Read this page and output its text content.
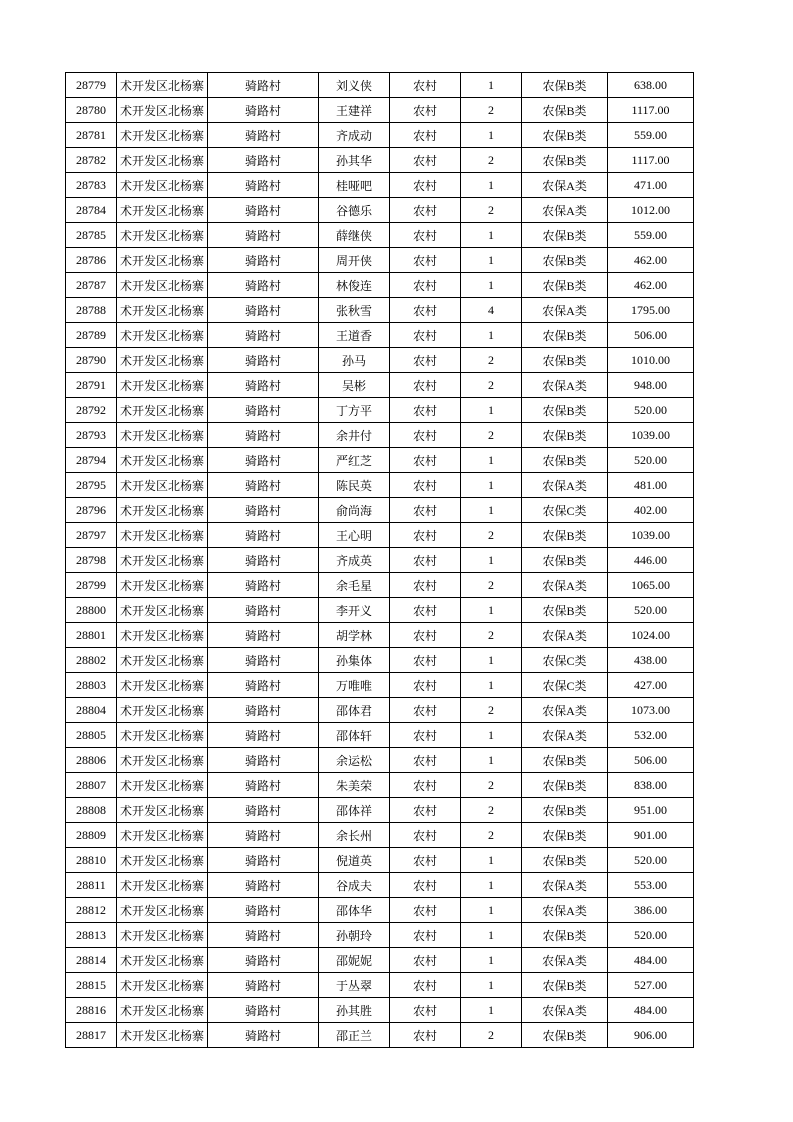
28779	术开发区北杨寨	骑路村	刘义侠	农村	1	农保B类	638.00
28780	术开发区北杨寨	骑路村	王建祥	农村	2	农保B类	1117.00
28781	术开发区北杨寨	骑路村	齐成动	农村	1	农保B类	559.00
28782	术开发区北杨寨	骑路村	孙其华	农村	2	农保B类	1117.00
28783	术开发区北杨寨	骑路村	桂哑吧	农村	1	农保A类	471.00
28784	术开发区北杨寨	骑路村	谷德乐	农村	2	农保A类	1012.00
28785	术开发区北杨寨	骑路村	薛继侠	农村	1	农保B类	559.00
28786	术开发区北杨寨	骑路村	周开侠	农村	1	农保B类	462.00
28787	术开发区北杨寨	骑路村	林俊连	农村	1	农保B类	462.00
28788	术开发区北杨寨	骑路村	张秋雪	农村	4	农保A类	1795.00
28789	术开发区北杨寨	骑路村	王道香	农村	1	农保B类	506.00
28790	术开发区北杨寨	骑路村	孙马	农村	2	农保B类	1010.00
28791	术开发区北杨寨	骑路村	吴彬	农村	2	农保A类	948.00
28792	术开发区北杨寨	骑路村	丁方平	农村	1	农保B类	520.00
28793	术开发区北杨寨	骑路村	余井付	农村	2	农保B类	1039.00
28794	术开发区北杨寨	骑路村	严红芝	农村	1	农保B类	520.00
28795	术开发区北杨寨	骑路村	陈民英	农村	1	农保A类	481.00
28796	术开发区北杨寨	骑路村	俞尚海	农村	1	农保C类	402.00
28797	术开发区北杨寨	骑路村	王心明	农村	2	农保B类	1039.00
28798	术开发区北杨寨	骑路村	齐成英	农村	1	农保B类	446.00
28799	术开发区北杨寨	骑路村	余毛星	农村	2	农保A类	1065.00
28800	术开发区北杨寨	骑路村	李开义	农村	1	农保B类	520.00
28801	术开发区北杨寨	骑路村	胡学林	农村	2	农保A类	1024.00
28802	术开发区北杨寨	骑路村	孙集体	农村	1	农保C类	438.00
28803	术开发区北杨寨	骑路村	万唯唯	农村	1	农保C类	427.00
28804	术开发区北杨寨	骑路村	邵体君	农村	2	农保A类	1073.00
28805	术开发区北杨寨	骑路村	邵体轩	农村	1	农保A类	532.00
28806	术开发区北杨寨	骑路村	余运松	农村	1	农保B类	506.00
28807	术开发区北杨寨	骑路村	朱美荣	农村	2	农保B类	838.00
28808	术开发区北杨寨	骑路村	邵体祥	农村	2	农保B类	951.00
28809	术开发区北杨寨	骑路村	余长州	农村	2	农保B类	901.00
28810	术开发区北杨寨	骑路村	倪道英	农村	1	农保B类	520.00
28811	术开发区北杨寨	骑路村	谷成夫	农村	1	农保A类	553.00
28812	术开发区北杨寨	骑路村	邵体华	农村	1	农保A类	386.00
28813	术开发区北杨寨	骑路村	孙朝玲	农村	1	农保B类	520.00
28814	术开发区北杨寨	骑路村	邵妮妮	农村	1	农保A类	484.00
28815	术开发区北杨寨	骑路村	于丛翠	农村	1	农保B类	527.00
28816	术开发区北杨寨	骑路村	孙其胜	农村	1	农保A类	484.00
28817	术开发区北杨寨	骑路村	邵正兰	农村	2	农保B类	906.00
